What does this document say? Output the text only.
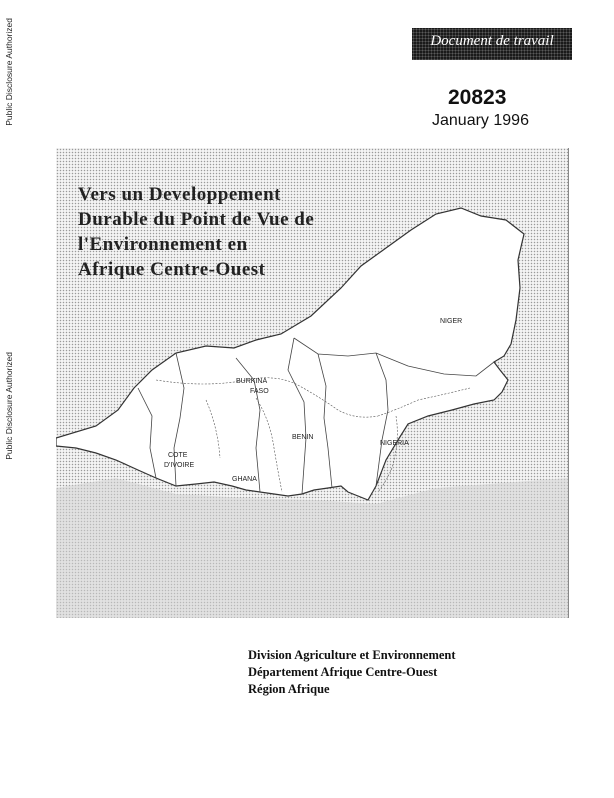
Public Disclosure Authorized
Public Disclosure Authorized
Document de travail
20823
January 1996
Vers un Developpement
Durable du Point de Vue de
l'Environnement en
Afrique Centre-Ouest
NIGER
BURKINA
FASO
BENIN
NIGERIA
COTE
D'IVOIRE
GHANA
Division Agriculture et Environnement
Département Afrique Centre-Ouest
Région Afrique
